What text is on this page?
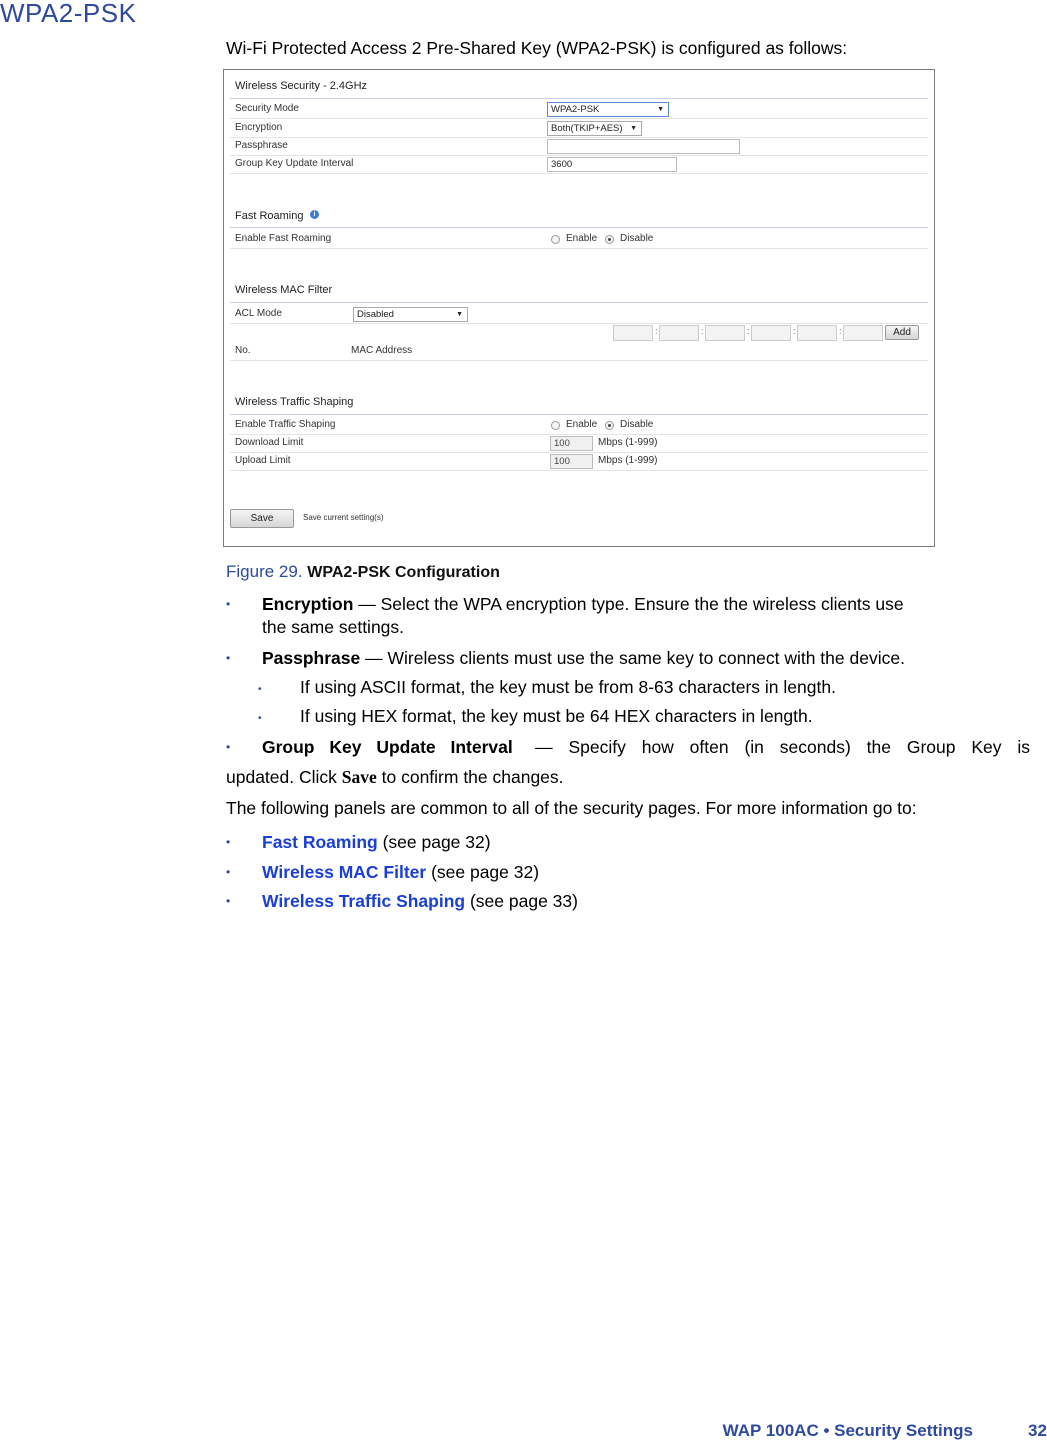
WPA2-PSK
Wi-Fi Protected Access 2 Pre-Shared Key (WPA2-PSK) is configured as follows:
Wireless Security - 2.4GHz
Security Mode	WPA2-PSK	▼
Encryption	Both(TKIP+AES) ▼
Passphrase
Group Key Update Interval	3600
Fast Roaming	i
Enable Fast Roaming	Enable Disable
Wireless MAC Filter
ACL Mode	Disabled	▼
:	:	:	:	:	Add
No.	MAC Address
Wireless Traffic Shaping
Enable Traffic Shaping	Enable Disable
Download Limit	100	Mbps (1-999)
Upload Limit	100	Mbps (1-999)
Save	Save current setting(s)
Figure 29. WPA2-PSK Configuration
• Encryption — Select the WPA encryption type. Ensure the the wireless clients use
the same settings.
• Passphrase — Wireless clients must use the same key to connect with the device.
• If using ASCII format, the key must be from 8-63 characters in length.
• If using HEX format, the key must be 64 HEX characters in length.
• Group Key Update Interval — Specify how often (in seconds) the Group Key is
updated. Click Save to confirm the changes.
The following panels are common to all of the security pages. For more information go to:
• Fast Roaming (see page 32)
• Wireless MAC Filter (see page 32)
• Wireless Traffic Shaping (see page 33)
WAP 100AC • Security Settings	32
